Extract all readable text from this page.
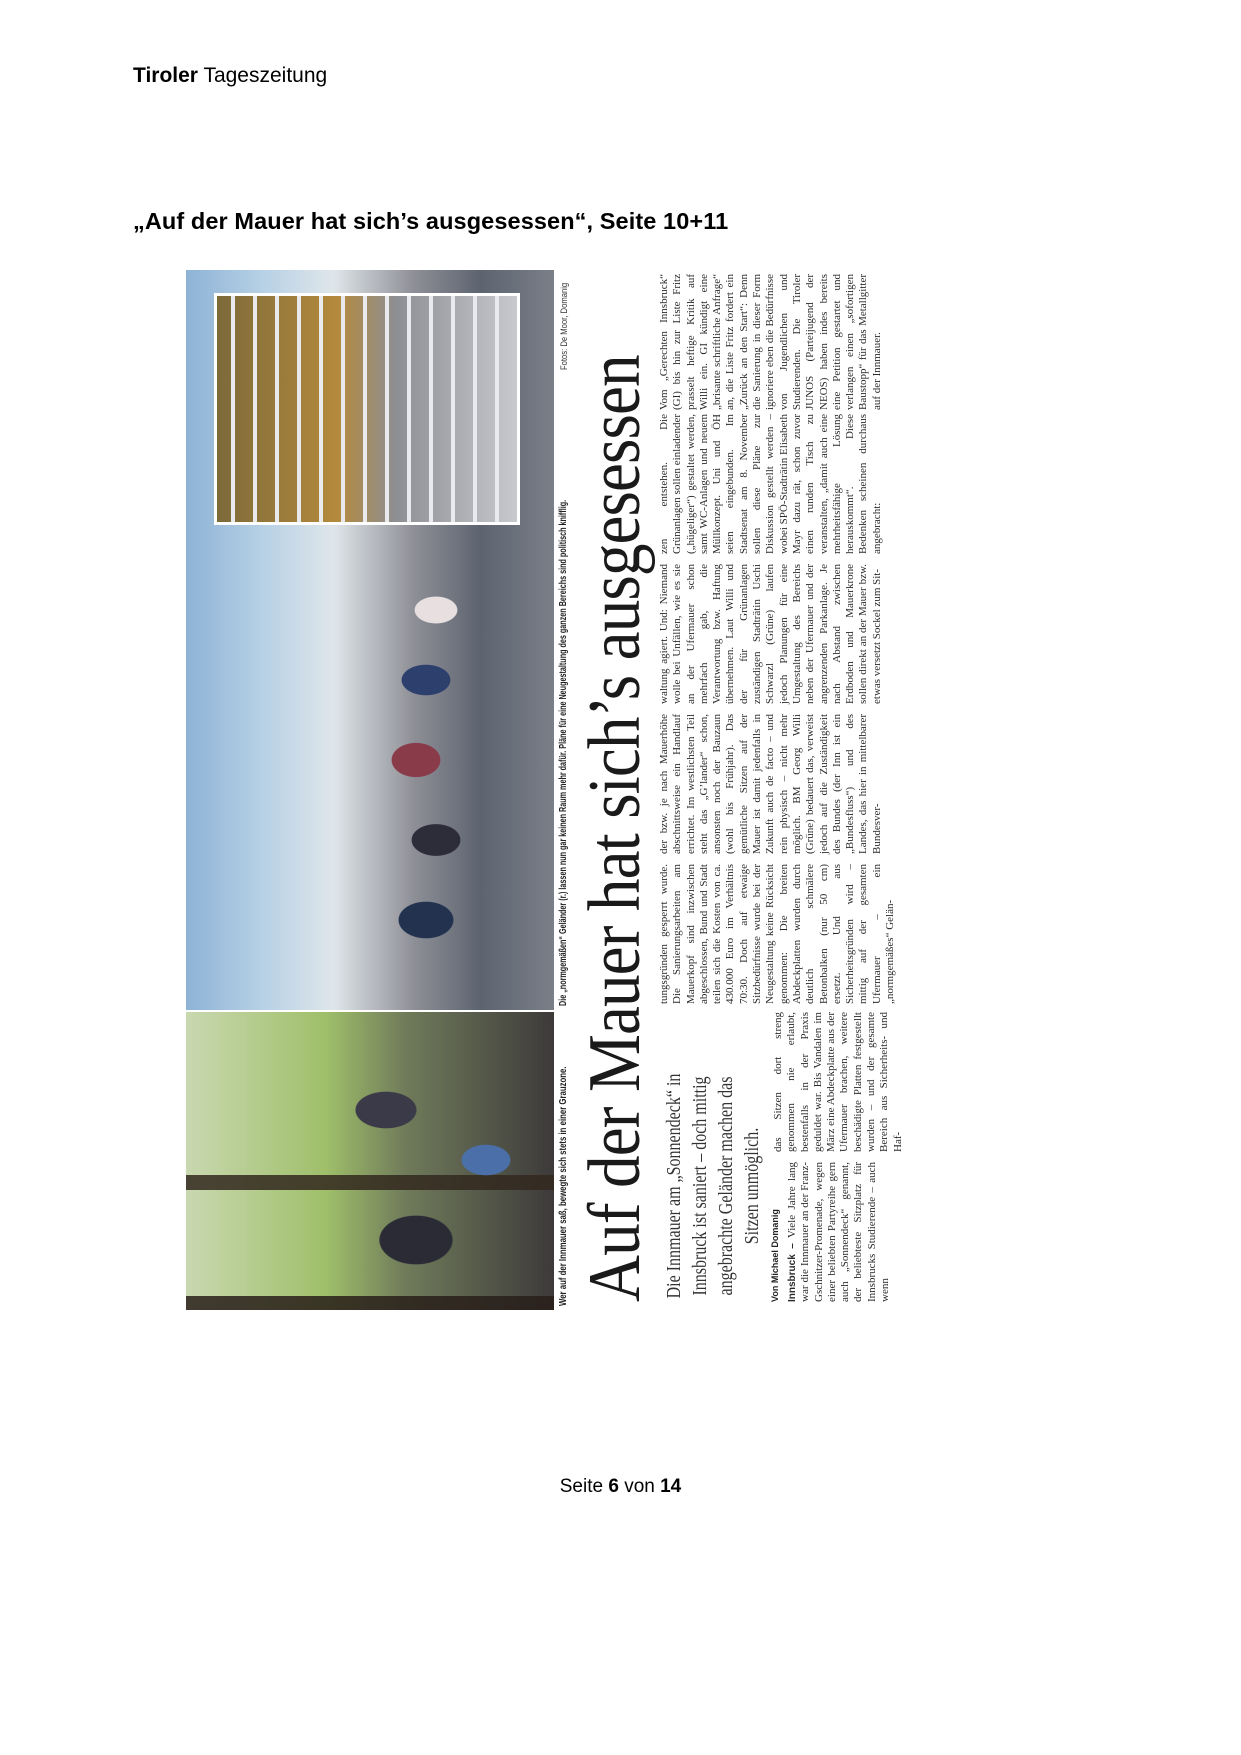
Tiroler Tageszeitung
„Auf der Mauer hat sich’s ausgesessen“, Seite 10+11
Wer auf der Innmauer saß, bewegte sich stets in einer Grauzone.
Die „normgemäßen“ Geländer (r.) lassen nun gar keinen Raum mehr dafür. Pläne für eine Neugestaltung des ganzen Bereichs sind politisch knifflig.
Fotos: De Moor, Domanig
Auf der Mauer hat sich’s ausgesessen Die Innmauer am „Sonnendeck“ in Innsbruck ist saniert – doch mittig angebrachte Geländer machen das Sitzen unmöglich.
Von Michael Domanig Innsbruck – Viele Jahre lang war die Innmauer an der Franz-Gschnitzer-Promenade, wegen einer beliebten Partyreihe gern auch „Sonnendeck“ genannt, der beliebteste Sitzplatz für Innsbrucks Studierende – auch wenn
das Sitzen dort streng genommen nie erlaubt, bestenfalls in der Praxis geduldet war. Bis Vandalen im März eine Abdeckplatte aus der Ufermauer brachen, weitere beschädigte Platten festgestellt wurden – und der gesamte Bereich aus Sicherheits- und Haf-
tungsgründen gesperrt wurde. Die Sanierungsarbeiten am Mauerkopf sind inzwischen abgeschlossen, Bund und Stadt teilen sich die Kosten von ca. 430.000 Euro im Verhältnis 70:30. Doch auf etwaige Sitzbedürfnisse wurde bei der Neugestaltung keine Rücksicht genommen: Die breiten Abdeckplatten wurden durch deutlich schmälere Betonbalken (nur 50 cm) ersetzt. Und aus Sicherheitsgründen wird – mittig auf der gesamten Ufermauer – ein „normgemäßes“ Gelän-
der bzw. je nach Mauerhöhe abschnittsweise ein Handlauf errichtet. Im westlichsten Teil steht das „G’lander“ schon, ansonsten noch der Bauzaun (wohl bis Frühjahr). Das gemütliche Sitzen auf der Mauer ist damit jedenfalls in Zukunft auch de facto – und rein physisch – nicht mehr möglich. BM Georg Willi (Grüne) bedauert das, verweist jedoch auf die Zuständigkeit des Bundes (der Inn ist ein „Bundesfluss“) und des Landes, das hier in mittelbarer Bundesver-
waltung agiert. Und: Niemand wolle bei Unfällen, wie es sie an der Ufermauer schon mehrfach gab, die Verantwortung bzw. Haftung übernehmen. Laut Willi und der für Grünanlagen zuständigen Stadträtin Uschi Schwarzl (Grüne) laufen jedoch Planungen für eine Umgestaltung des Bereichs neben der Ufermauer und der angrenzenden Parkanlage. Je nach Abstand zwischen Erdboden und Mauerkrone sollen direkt an der Mauer bzw. etwas versetzt Sockel zum Sit-
zen entstehen. Die Grünanlagen sollen einladender („hügeliger“) gestaltet werden, samt WC-Anlagen und neuem Müllkonzept. Uni und ÖH seien eingebunden. Im Stadtsenat am 8. November sollen diese Pläne zur Diskussion gestellt werden – wobei SPÖ-Stadträtin Elisabeth Mayr dazu rät, schon zuvor einen runden Tisch zu veranstalten, „damit auch eine mehrheitsfähige Lösung herauskommt“. Diese Bedenken scheinen durchaus angebracht:
Vom „Gerechten Innsbruck“ (GI) bis hin zur Liste Fritz prasselt heftige Kritik auf Willi ein. GI kündigt eine „brisante schriftliche Anfrage“ an, die Liste Fritz fordert ein „Zurück an den Start“: Denn die Sanierung in dieser Form ignoriere eben die Bedürfnisse von Jugendlichen und Studierenden. Die Tiroler JUNOS (Parteijugend der NEOS) haben indes bereits eine Petition gestartet und verlangen einen „sofortigen Baustopp“ für das Metallgitter auf der Innmauer.
Seite 6 von 14
